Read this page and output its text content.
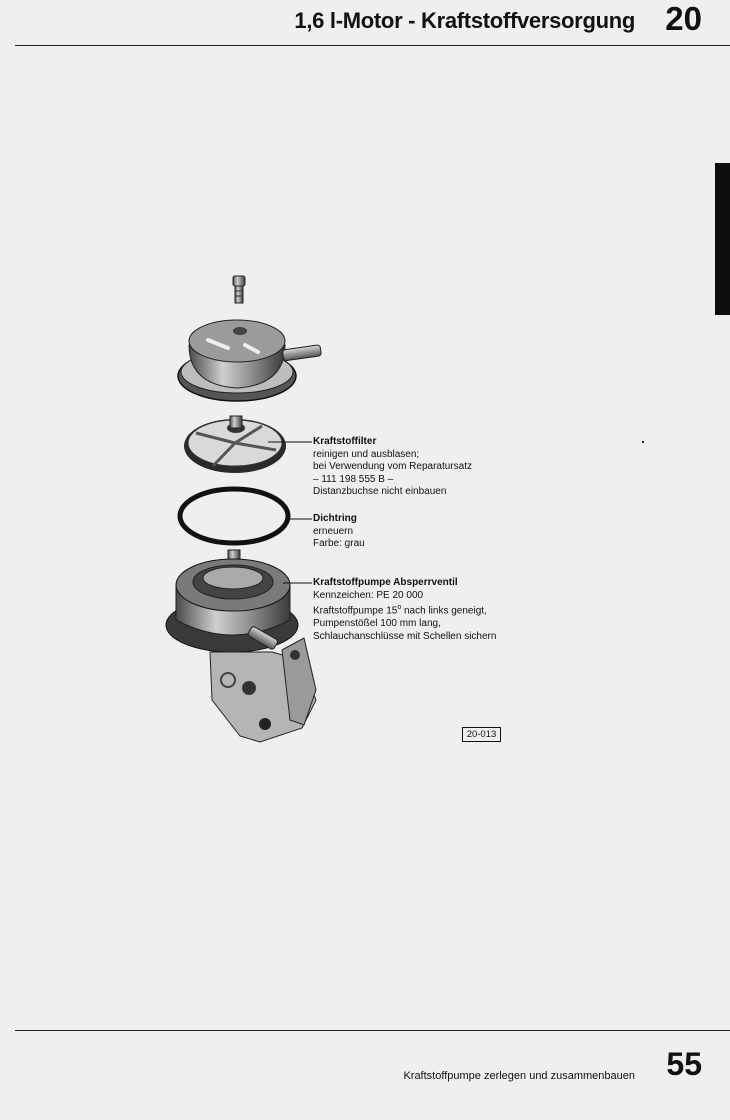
1,6 l-Motor - Kraftstoffversorgung 20
Kraftstoffilter
reinigen und ausblasen;
bei Verwendung vom Reparatursatz
– 111 198 555 B –
Distanzbuchse nicht einbauen
Dichtring
erneuern
Farbe: grau
Kraftstoffpumpe Absperrventil
Kennzeichen: PE 20 000
Kraftstoffpumpe 15$^o$ nach links geneigt,
Pumpenstößel 100 mm lang,
Schlauchanschlüsse mit Schellen sichern
20-013
Kraftstoffpumpe zerlegen und zusammenbauen 55
